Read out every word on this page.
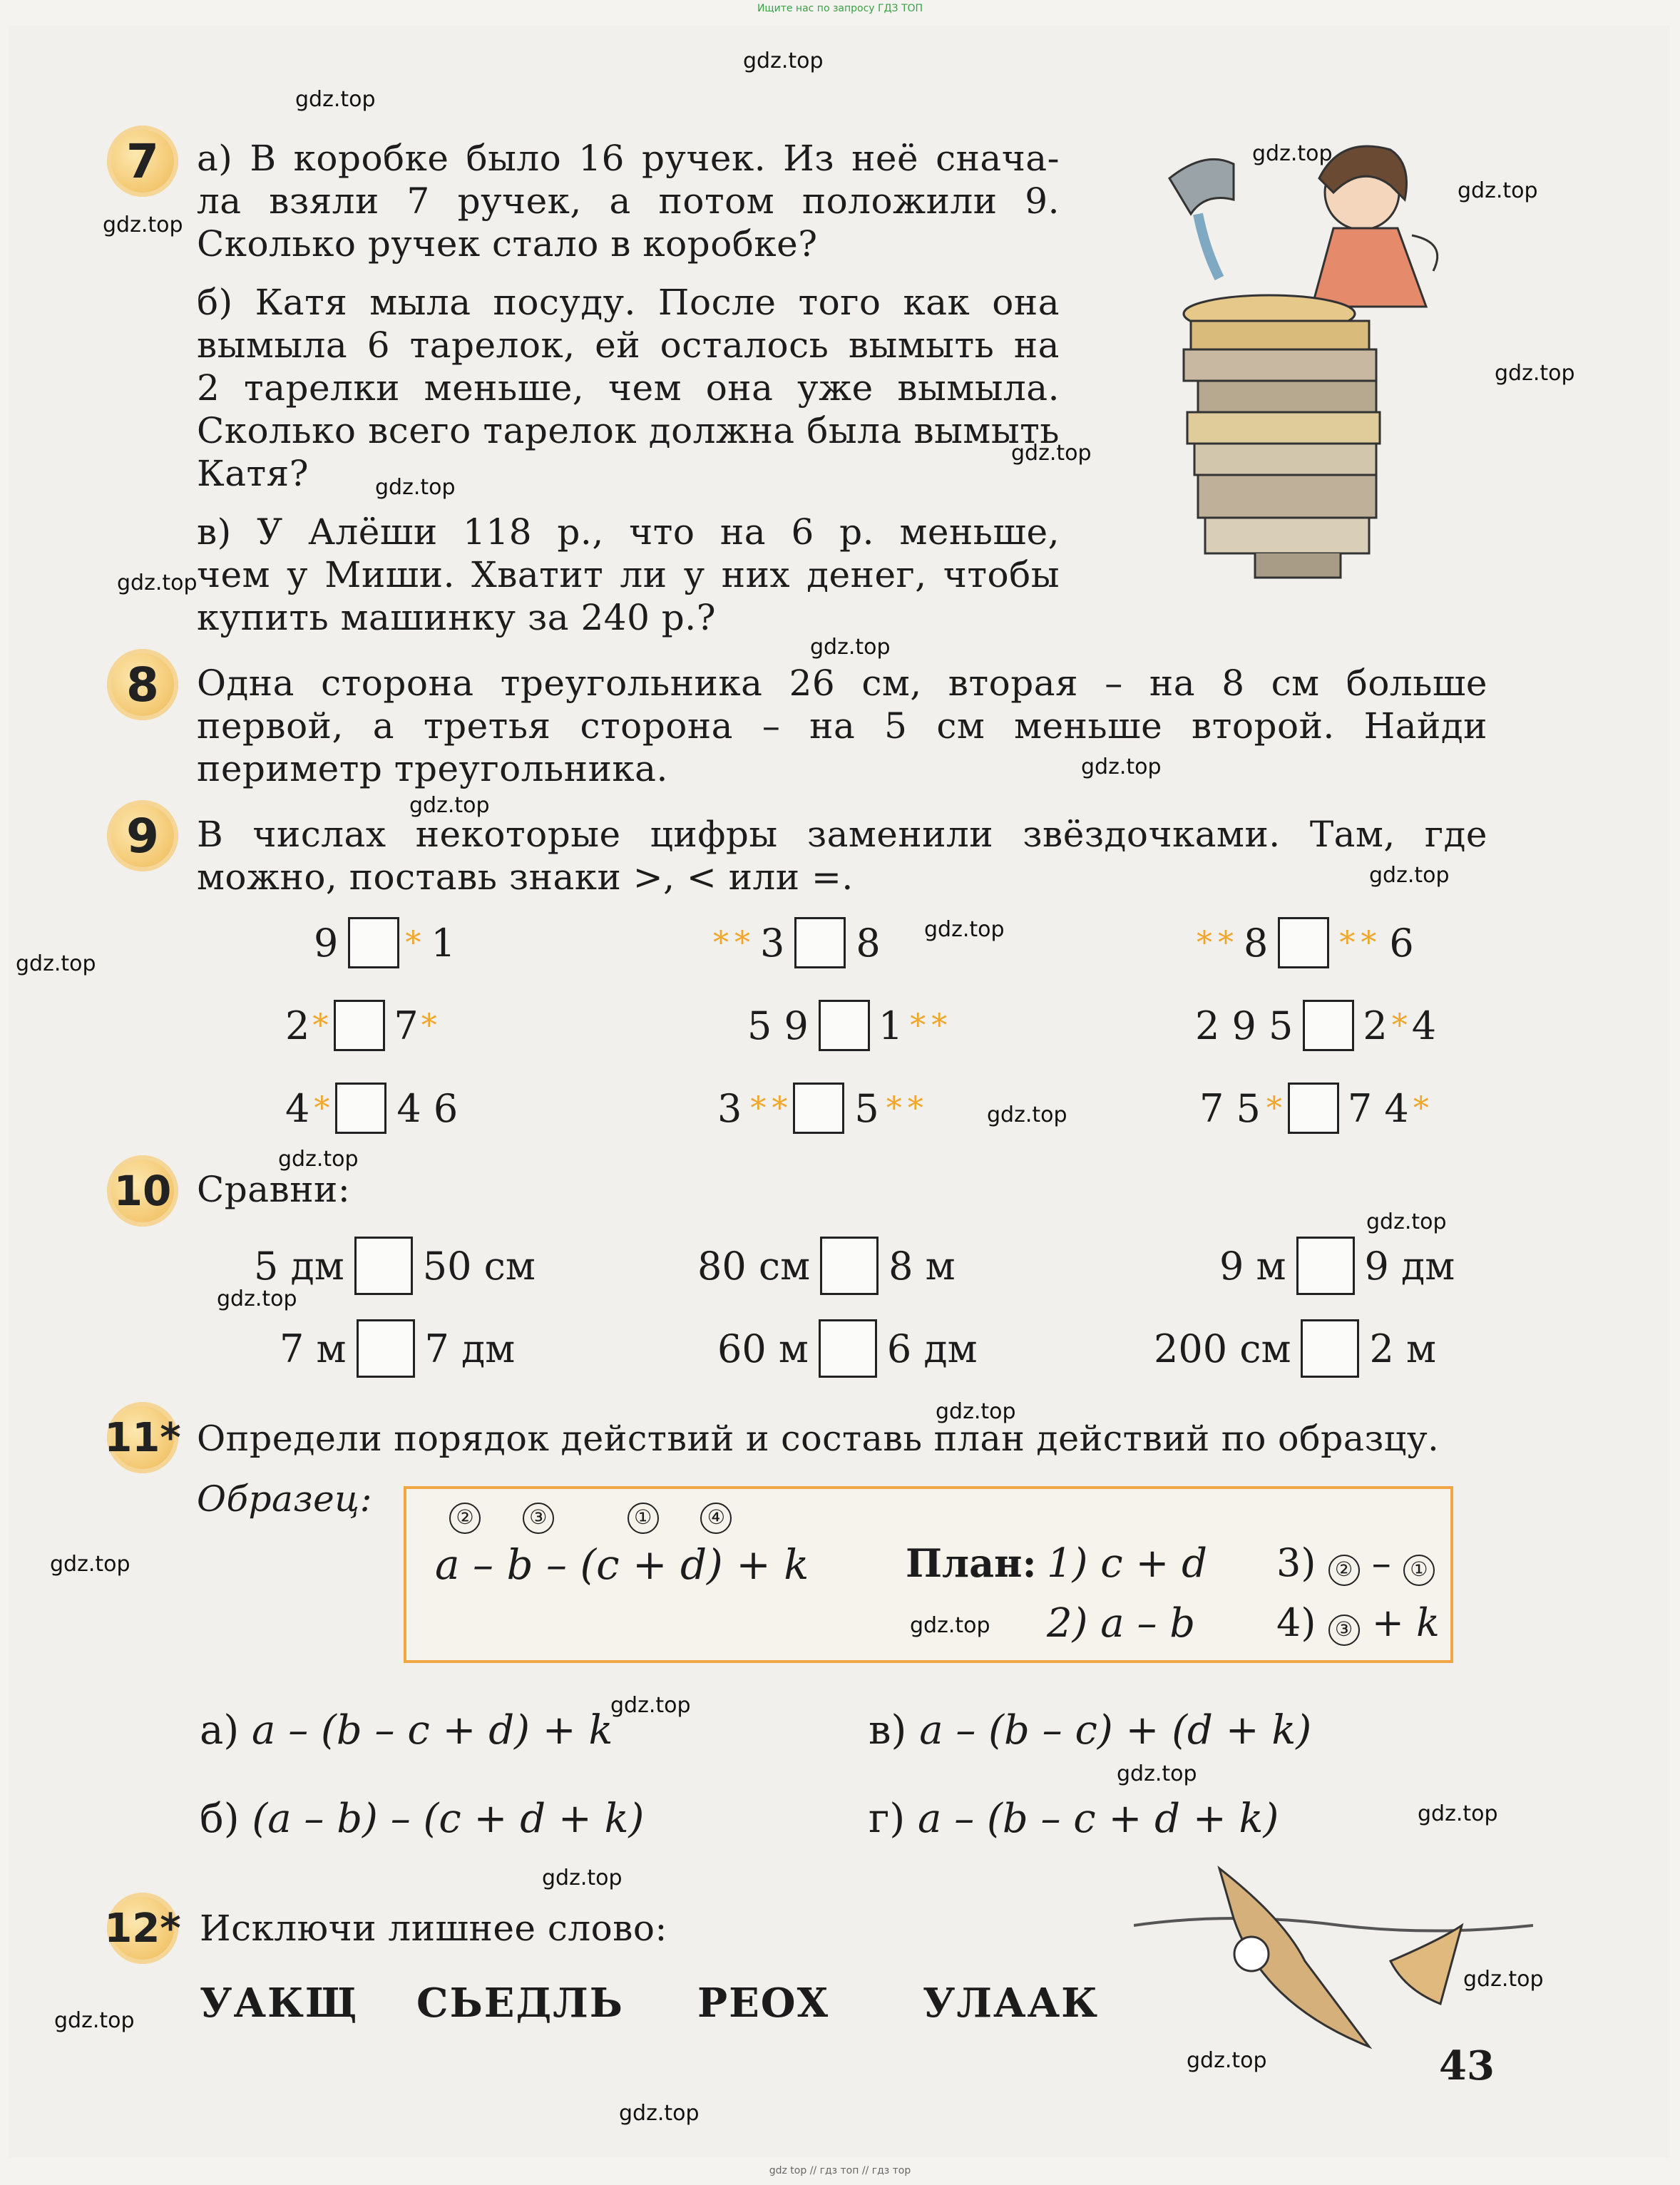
Ищите нас по запросу ГДЗ ТОП
7	а) В коробке было 16 ручек. Из неё снача-

ла взяли 7 ручек, а потом положили 9.

Сколько ручек стало в коробке?

б) Катя мыла посуду. После того как она

вымыла 6 тарелок, ей осталось вымыть на

2 тарелки меньше, чем она уже вымыла.

Сколько всего тарелок должна была вымыть

Катя?

в) У Алёши 118 р., что на 6 р. меньше,

чем у Миши. Хватит ли у них денег, чтобы

купить машинку за 240 р.?

8	Одна сторона треугольника 26 см, вторая – на 8 см больше

первой, а третья сторона – на 5 см меньше второй. Найди

периметр треугольника.

9	В числах некоторые цифры заменили звёздочками. Там, где

можно, поставь знаки >, < или =.

9 * 1	* * 3 8	* * 8 * * 6
2 * 7 *	5 9 1 * *	2 9 5 2 * 4
4 * 4 6	3 * * 5 * *	7 5 * 7 4 *
10 Сравни:
5 дм 50 см	80 см 8 м	9 м 9 дм
7 м 7 дм	60 м 6 дм	200 см 2 м
11* Определи порядок действий и составь план действий по образцу.
Образец:	②	③	①	④
a – b – (c + d) + k	План: 1) c + d
2) a – b
3) ② – ①
4) ③ + k
а) a – (b – c + d) + k	в) a – (b – c) + (d + k)
б) (a – b) – (c + d + k)	г) a – (b – c + d + k)
12* Исключи лишнее слово:
УАКЩ СЬЕДЛЬ РЕОХ УЛААК
43
gdz.top
gdz.top
gdz.top
gdz.top
gdz.top
gdz.top
gdz.top
gdz.top
gdz.top
gdz.top
gdz.top
gdz.top
gdz.top
gdz.top
gdz.top
gdz.top
gdz.top
gdz.top
gdz.top
gdz.top
gdz.top
gdz.top
gdz.top
gdz.top
gdz.top
gdz.top
gdz.top
gdz.top
gdz.top
gdz.top
gdz top // гдз топ // гдз тор
